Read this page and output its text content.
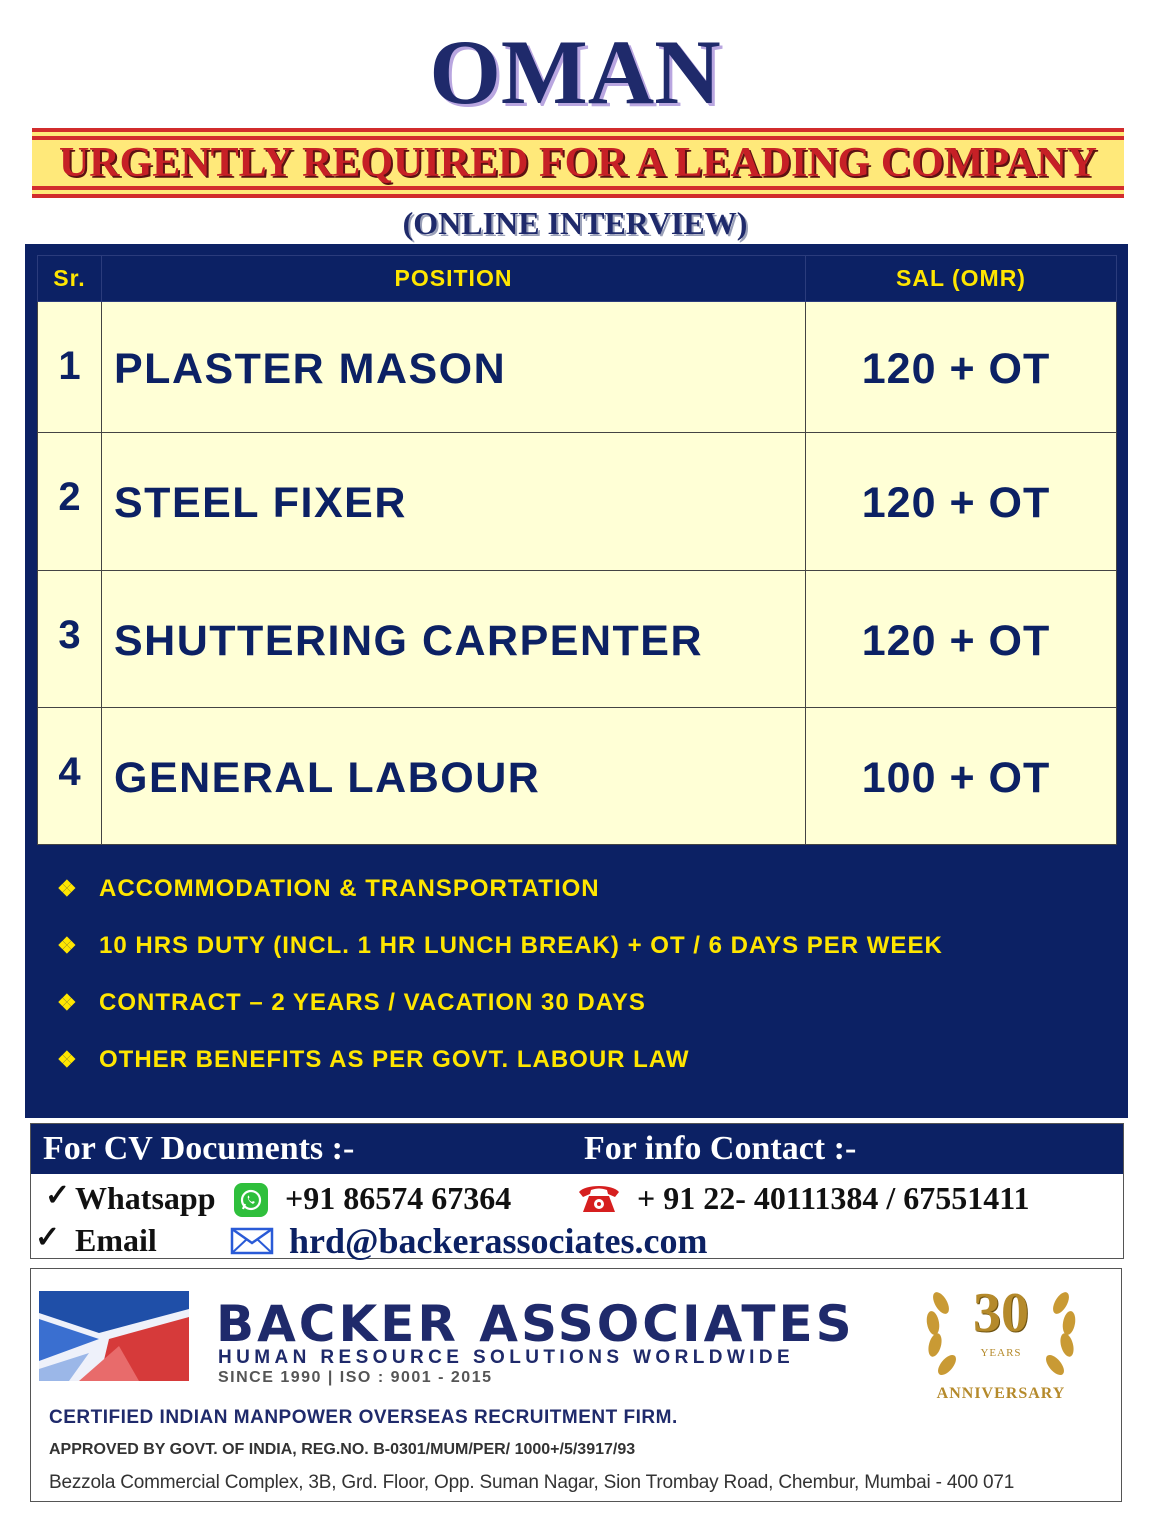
OMAN
URGENTLY REQUIRED FOR A LEADING COMPANY
(ONLINE INTERVIEW)
Sr.	POSITION	SAL (OMR)
1	PLASTER MASON	120 + OT
2	STEEL FIXER	120 + OT
3	SHUTTERING CARPENTER	120 + OT
4	GENERAL LABOUR	100 + OT
❖ ACCOMMODATION & TRANSPORTATION
❖ 10 HRS DUTY (INCL. 1 HR LUNCH BREAK) + OT / 6 DAYS PER WEEK
❖ CONTRACT – 2 YEARS / VACATION 30 DAYS
❖ OTHER BENEFITS AS PER GOVT. LABOUR LAW
For CV Documents :-	For info Contact :-
✓ Whatsapp +91 86574 67364	+ 91 22- 40111384 / 67551411
✓ Email	hrd@backerassociates.com
BACKER ASSOCIATES
HUMAN RESOURCE SOLUTIONS WORLDWIDE
SINCE 1990 | ISO : 9001 - 2015
30
YEARS
ANNIVERSARY
CERTIFIED INDIAN MANPOWER OVERSEAS RECRUITMENT FIRM.
APPROVED BY GOVT. OF INDIA, REG.NO. B-0301/MUM/PER/ 1000+/5/3917/93
Bezzola Commercial Complex, 3B, Grd. Floor, Opp. Suman Nagar, Sion Trombay Road, Chembur, Mumbai - 400 071
